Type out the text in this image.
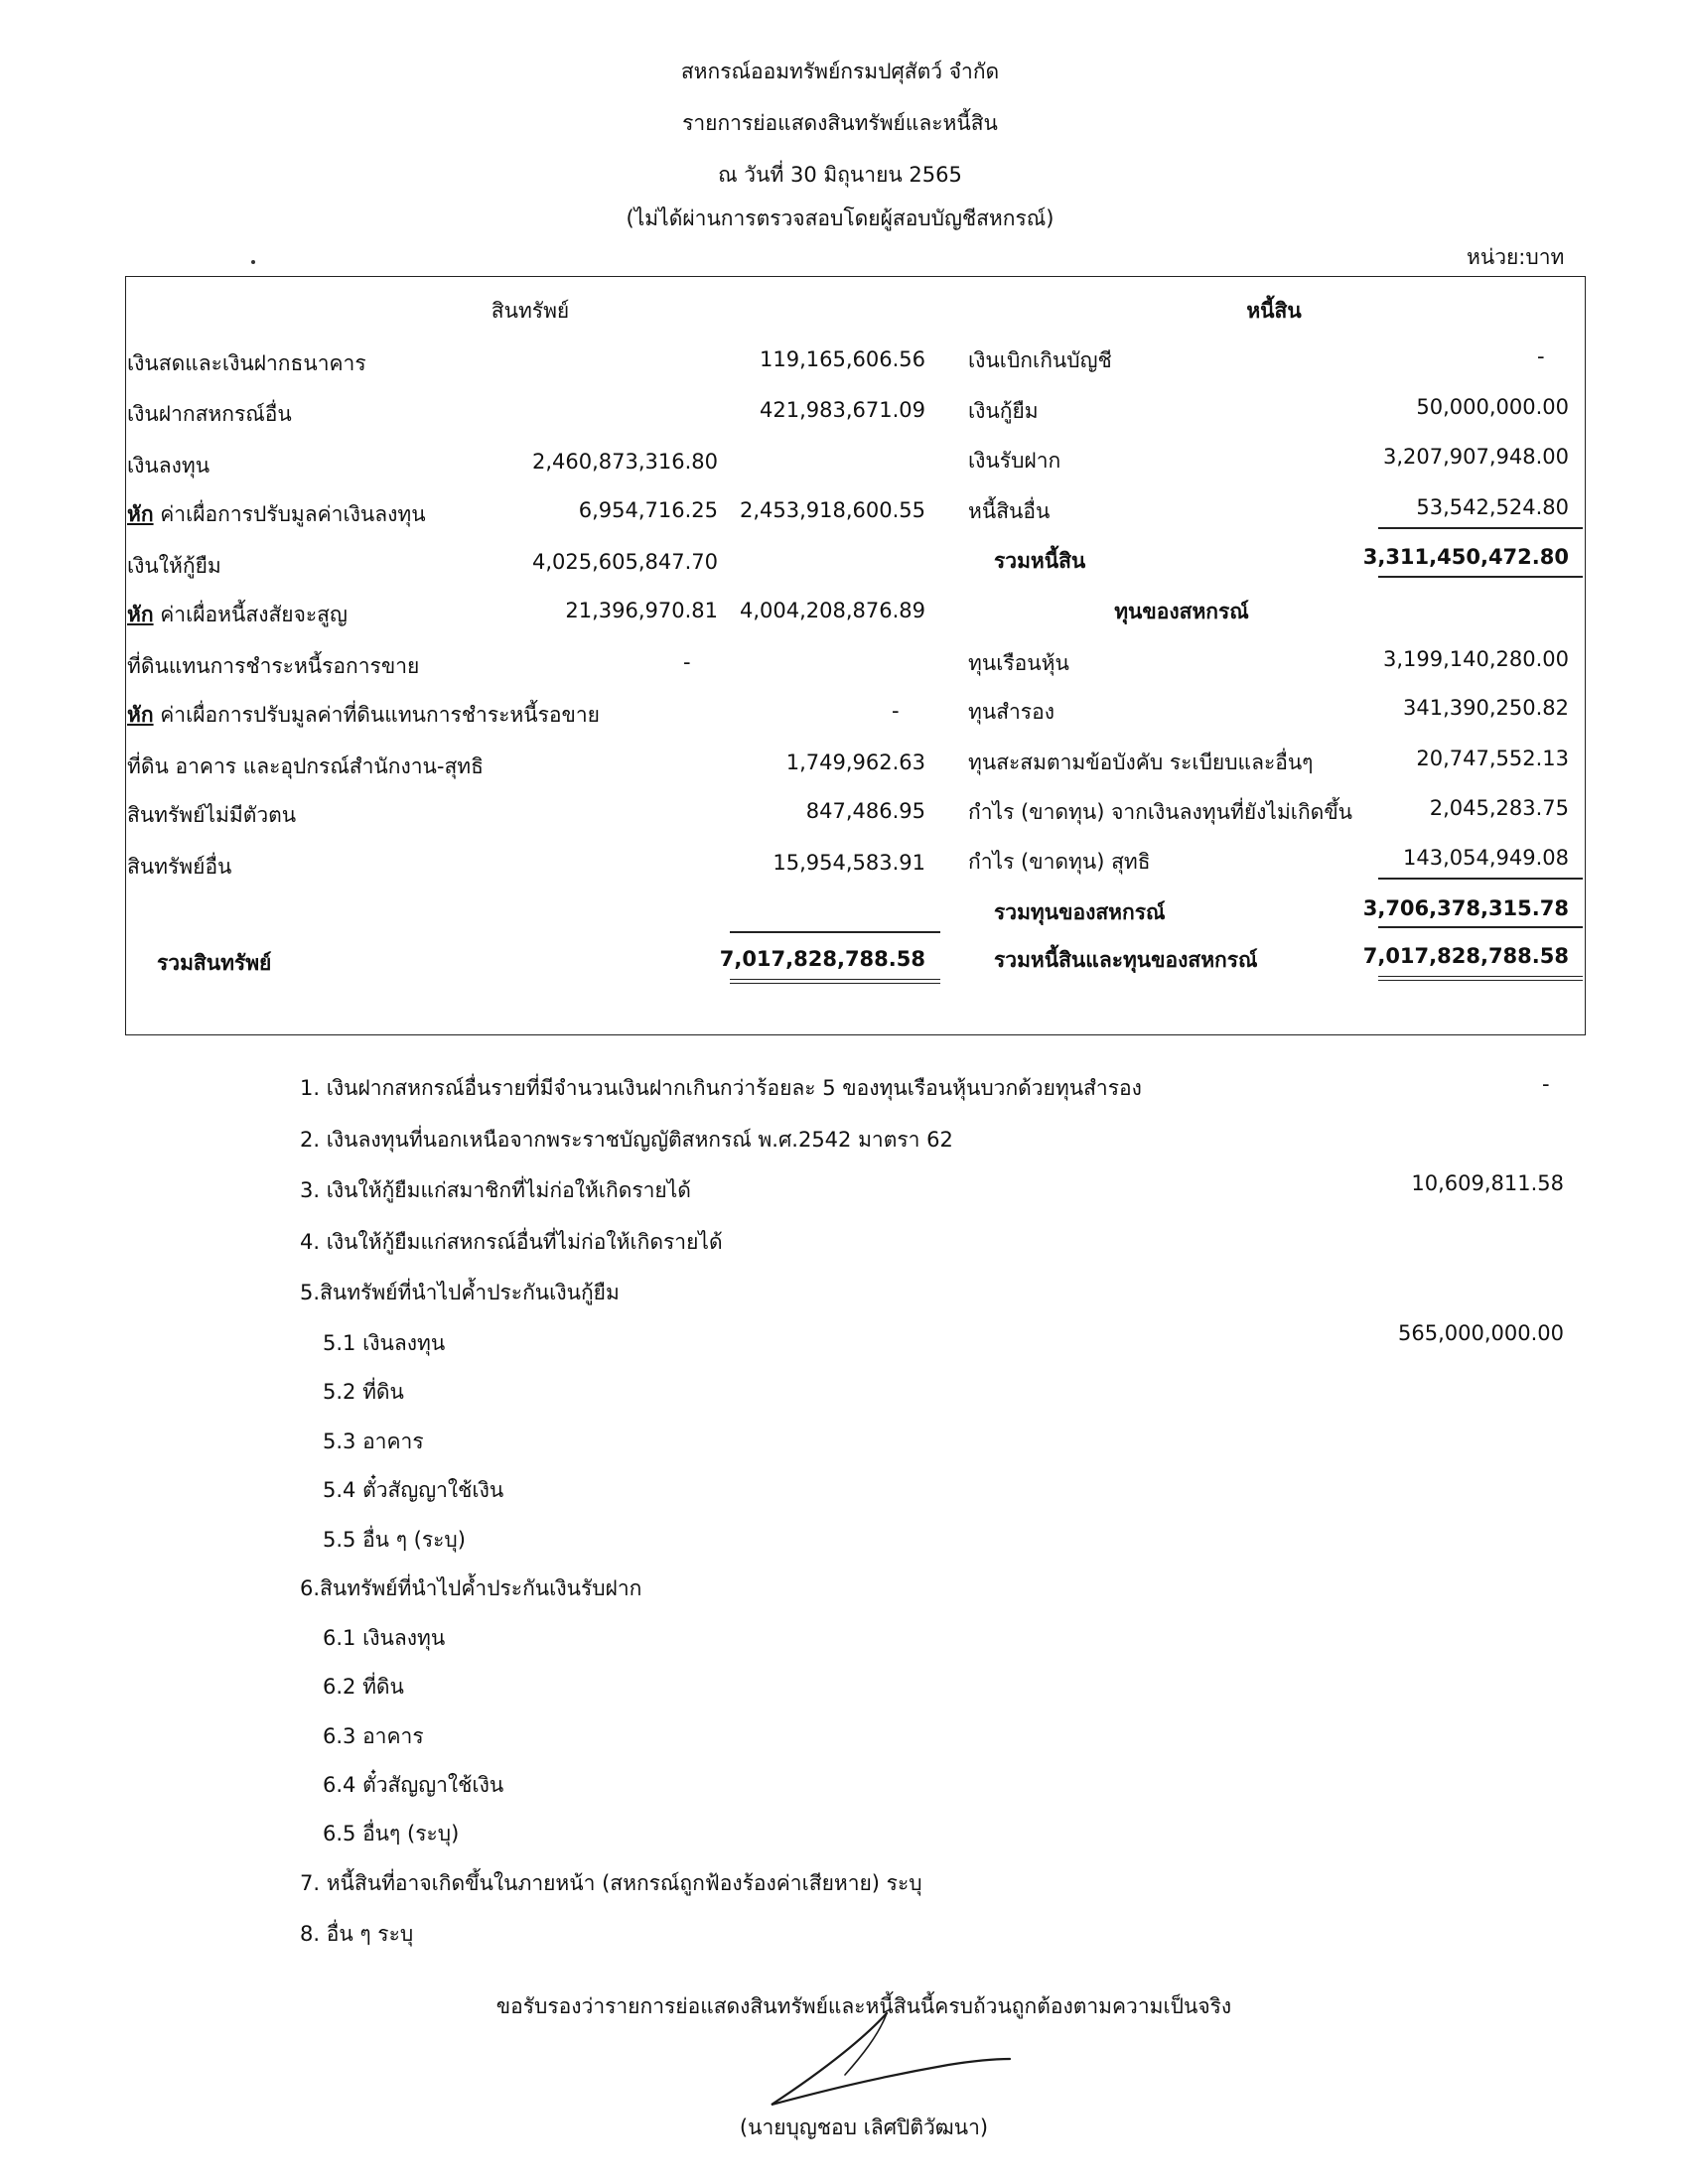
สหกรณ์ออมทรัพย์กรมปศุสัตว์ จำกัด
รายการย่อแสดงสินทรัพย์และหนี้สิน
ณ วันที่ 30 มิถุนายน 2565
(ไม่ได้ผ่านการตรวจสอบโดยผู้สอบบัญชีสหกรณ์)
หน่วย:บาท
สินทรัพย์
เงินสดและเงินฝากธนาคาร	119,165,606.56
เงินฝากสหกรณ์อื่น	421,983,671.09
เงินลงทุน	2,460,873,316.80
หัก ค่าเผื่อการปรับมูลค่าเงินลงทุน	6,954,716.25	2,453,918,600.55
เงินให้กู้ยืม	4,025,605,847.70
หัก ค่าเผื่อหนี้สงสัยจะสูญ	21,396,970.81	4,004,208,876.89
ที่ดินแทนการชำระหนี้รอการขาย	-
หัก ค่าเผื่อการปรับมูลค่าที่ดินแทนการชำระหนี้รอขาย	-
ที่ดิน อาคาร และอุปกรณ์สำนักงาน-สุทธิ	1,749,962.63
สินทรัพย์ไม่มีตัวตน	847,486.95
สินทรัพย์อื่น	15,954,583.91
รวมสินทรัพย์	7,017,828,788.58
หนี้สิน
เงินเบิกเกินบัญชี	-
เงินกู้ยืม	50,000,000.00
เงินรับฝาก	3,207,907,948.00
หนี้สินอื่น	53,542,524.80
รวมหนี้สิน	3,311,450,472.80
ทุนของสหกรณ์
ทุนเรือนหุ้น	3,199,140,280.00
ทุนสำรอง	341,390,250.82
ทุนสะสมตามข้อบังคับ ระเบียบและอื่นๆ	20,747,552.13
กำไร (ขาดทุน) จากเงินลงทุนที่ยังไม่เกิดขึ้น	2,045,283.75
กำไร (ขาดทุน) สุทธิ	143,054,949.08
รวมทุนของสหกรณ์	3,706,378,315.78
รวมหนี้สินและทุนของสหกรณ์	7,017,828,788.58
1. เงินฝากสหกรณ์อื่นรายที่มีจำนวนเงินฝากเกินกว่าร้อยละ 5 ของทุนเรือนหุ้นบวกด้วยทุนสำรอง	-
2. เงินลงทุนที่นอกเหนือจากพระราชบัญญัติสหกรณ์ พ.ศ.2542 มาตรา 62
3. เงินให้กู้ยืมแก่สมาชิกที่ไม่ก่อให้เกิดรายได้	10,609,811.58
4. เงินให้กู้ยืมแก่สหกรณ์อื่นที่ไม่ก่อให้เกิดรายได้
5.สินทรัพย์ที่นำไปค้ำประกันเงินกู้ยืม
5.1 เงินลงทุน	565,000,000.00
5.2 ที่ดิน
5.3 อาคาร
5.4 ตั๋วสัญญาใช้เงิน
5.5 อื่น ๆ (ระบุ)
6.สินทรัพย์ที่นำไปค้ำประกันเงินรับฝาก
6.1 เงินลงทุน
6.2 ที่ดิน
6.3 อาคาร
6.4 ตั๋วสัญญาใช้เงิน
6.5 อื่นๆ (ระบุ)
7. หนี้สินที่อาจเกิดขึ้นในภายหน้า (สหกรณ์ถูกฟ้องร้องค่าเสียหาย) ระบุ
8. อื่น ๆ ระบุ
ขอรับรองว่ารายการย่อแสดงสินทรัพย์และหนี้สินนี้ครบถ้วนถูกต้องตามความเป็นจริง
(นายบุญชอบ เลิศปิติวัฒนา)
